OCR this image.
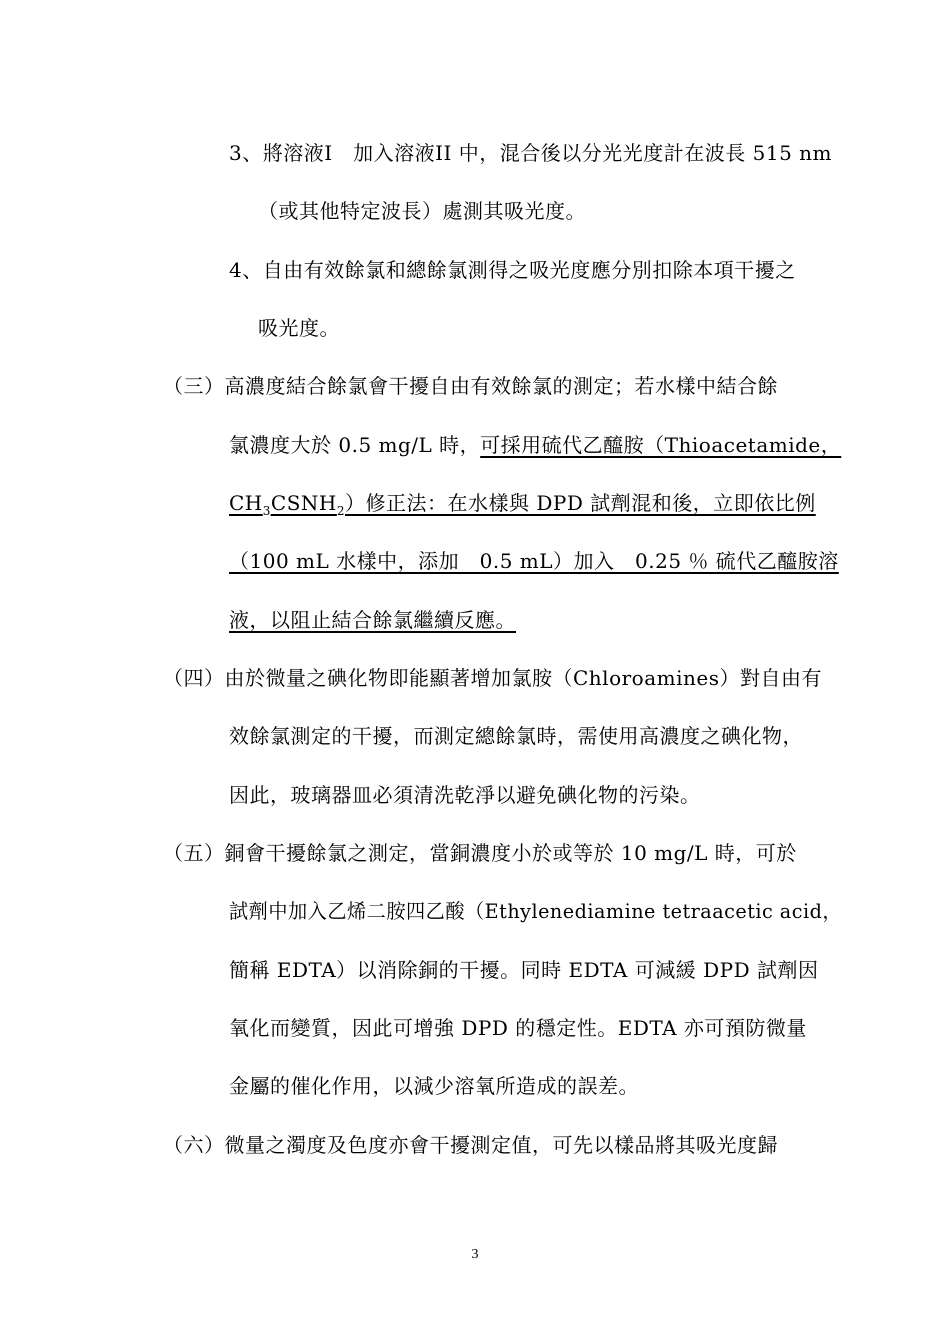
3、將溶液I　加入溶液II 中，混合後以分光光度計在波長 515 nm
（或其他特定波長）處測其吸光度。
4、自由有效餘氯和總餘氯測得之吸光度應分別扣除本項干擾之
吸光度。
（三）高濃度結合餘氯會干擾自由有效餘氯的測定；若水樣中結合餘
氯濃度大於 0.5 mg/L 時，可採用硫代乙醯胺（Thioacetamide，
$CH_3CSNH_2$）修正法：在水樣與 DPD 試劑混和後，立即依比例
（100 mL 水樣中，添加　0.5 mL）加入　0.25 ％ 硫代乙醯胺溶
液，以阻止結合餘氯繼續反應。
（四）由於微量之碘化物即能顯著增加氯胺（Chloroamines）對自由有
效餘氯測定的干擾，而測定總餘氯時，需使用高濃度之碘化物，
因此，玻璃器皿必須清洗乾淨以避免碘化物的污染。
（五）銅會干擾餘氯之測定，當銅濃度小於或等於 10 mg/L 時，可於
試劑中加入乙烯二胺四乙酸（Ethylenediamine tetraacetic acid，
簡稱 EDTA）以消除銅的干擾。同時 EDTA 可減緩 DPD 試劑因
氧化而變質，因此可增強 DPD 的穩定性。EDTA 亦可預防微量
金屬的催化作用，以減少溶氧所造成的誤差。
（六）微量之濁度及色度亦會干擾測定值，可先以樣品將其吸光度歸
3
